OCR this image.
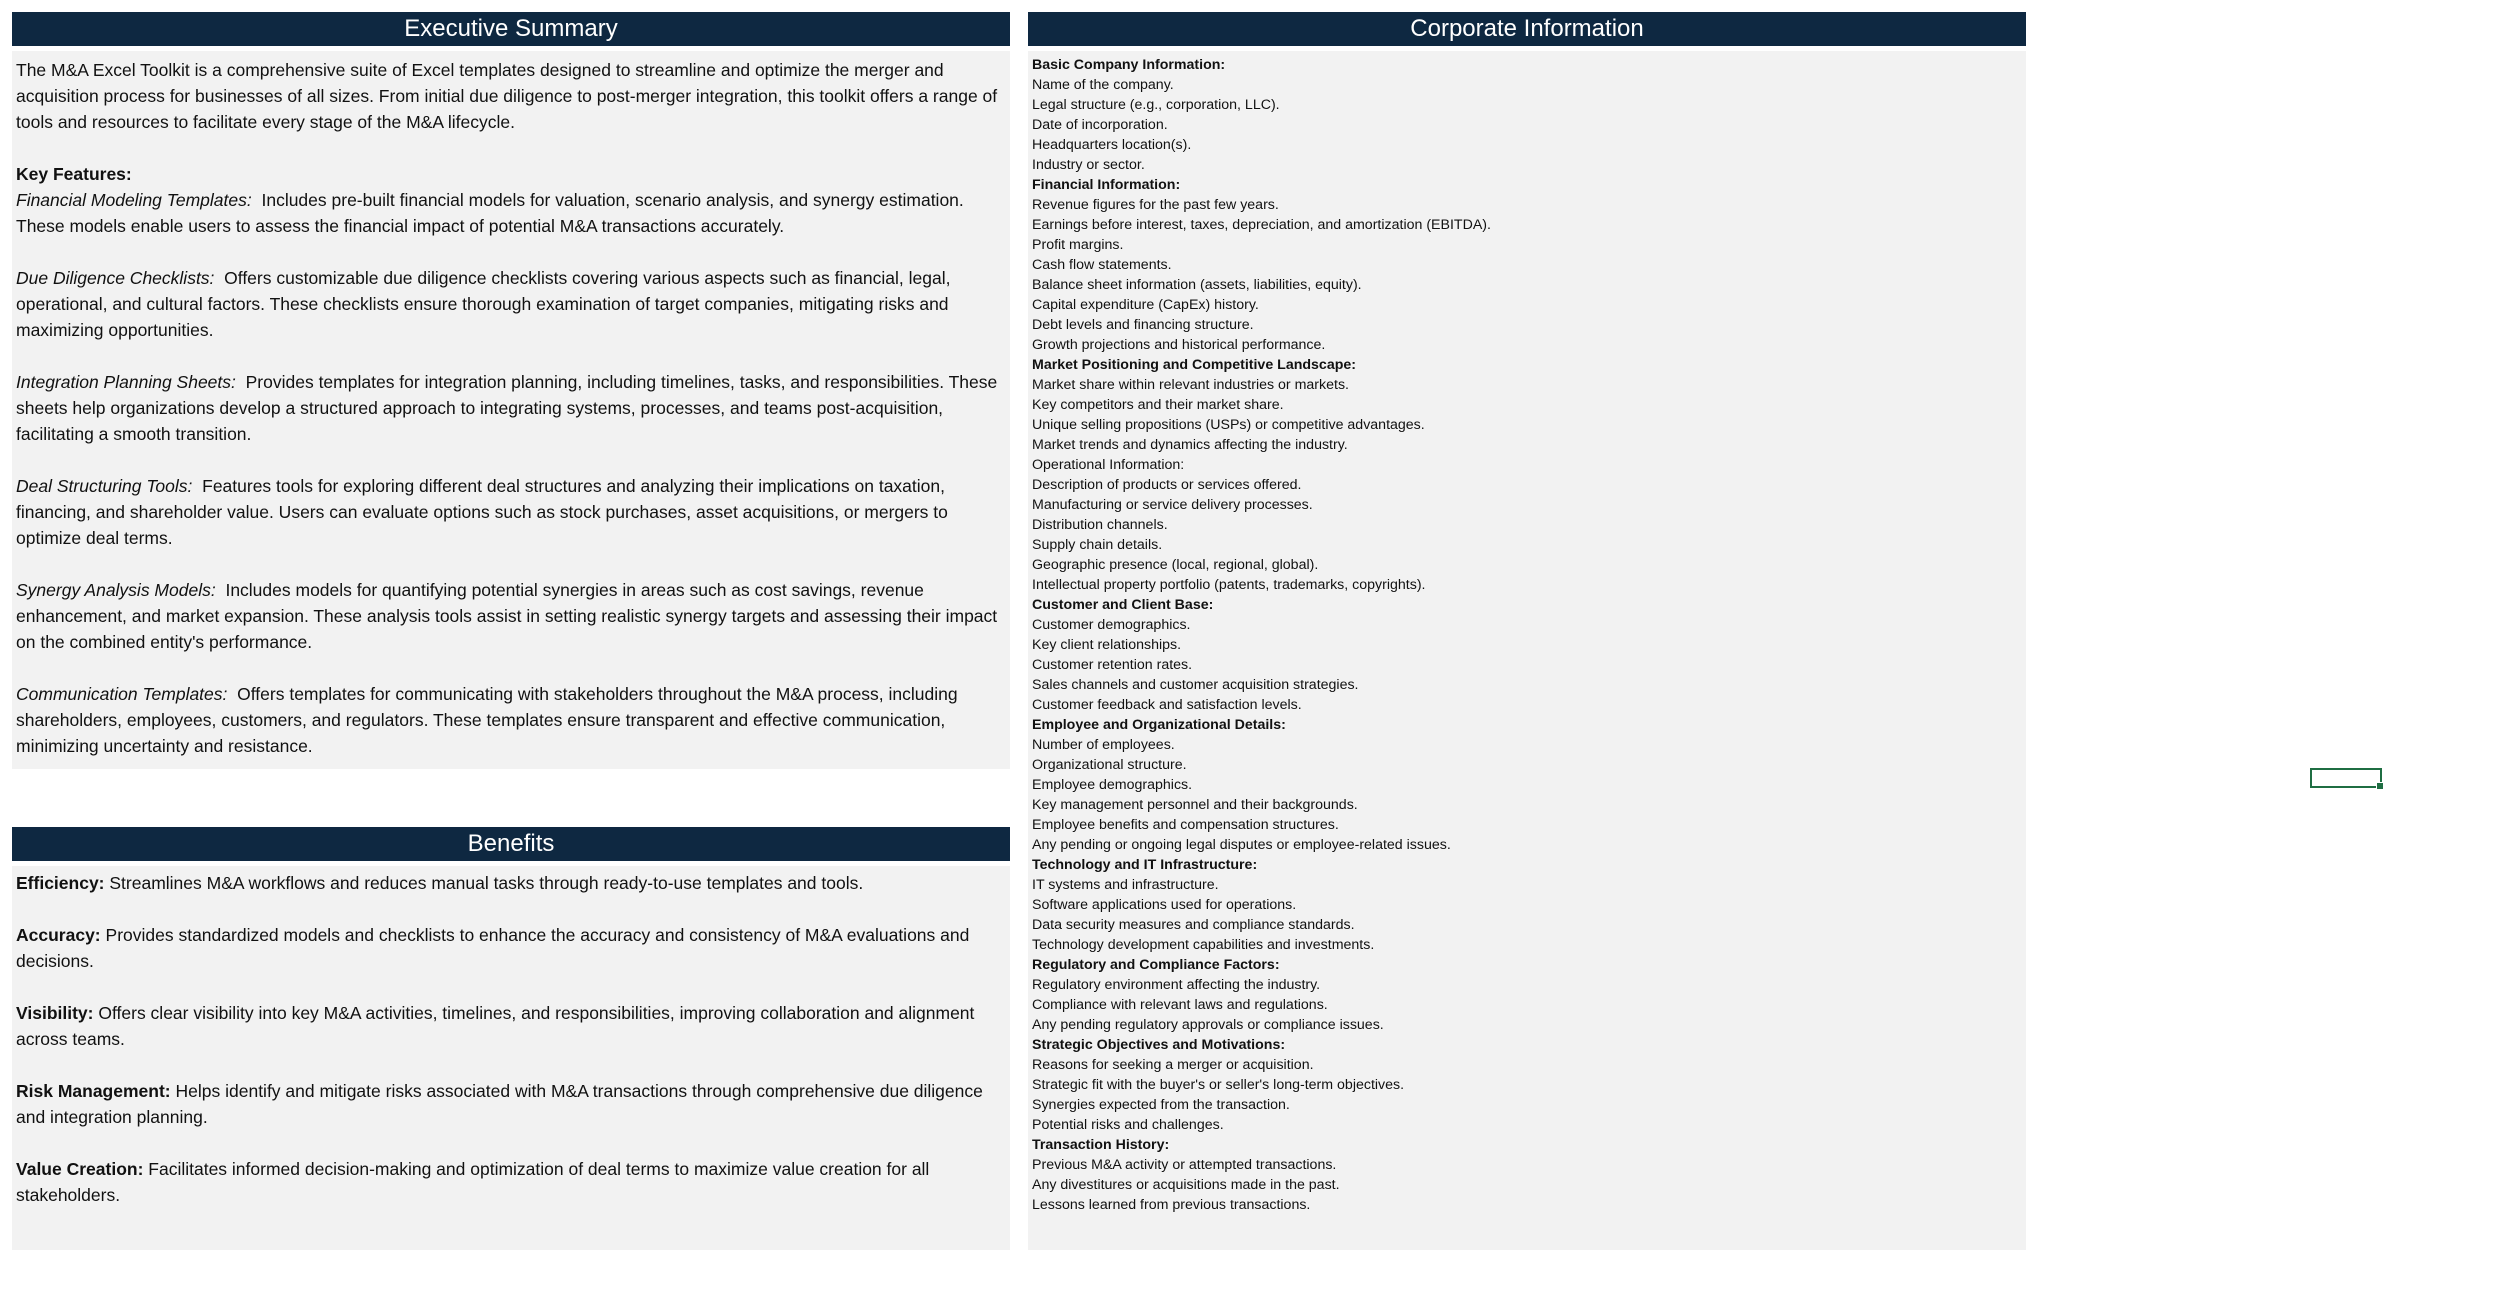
Executive Summary

The M&A Excel Toolkit is a comprehensive suite of Excel templates designed to streamline and optimize the merger and acquisition process for businesses of all sizes. From initial due diligence to post-merger integration, this toolkit offers a range of tools and resources to facilitate every stage of the M&A lifecycle.

Key Features:

Financial Modeling Templates: Includes pre-built financial models for valuation, scenario analysis, and synergy estimation. These models enable users to assess the financial impact of potential M&A transactions accurately.

Due Diligence Checklists: Offers customizable due diligence checklists covering various aspects such as financial, legal, operational, and cultural factors. These checklists ensure thorough examination of target companies, mitigating risks and maximizing opportunities.

Integration Planning Sheets: Provides templates for integration planning, including timelines, tasks, and responsibilities. These sheets help organizations develop a structured approach to integrating systems, processes, and teams post-acquisition, facilitating a smooth transition.

Deal Structuring Tools: Features tools for exploring different deal structures and analyzing their implications on taxation, financing, and shareholder value. Users can evaluate options such as stock purchases, asset acquisitions, or mergers to optimize deal terms.

Synergy Analysis Models: Includes models for quantifying potential synergies in areas such as cost savings, revenue enhancement, and market expansion. These analysis tools assist in setting realistic synergy targets and assessing their impact on the combined entity's performance.

Communication Templates: Offers templates for communicating with stakeholders throughout the M&A process, including shareholders, employees, customers, and regulators. These templates ensure transparent and effective communication, minimizing uncertainty and resistance.

Benefits

Efficiency: Streamlines M&A workflows and reduces manual tasks through ready-to-use templates and tools.

Accuracy: Provides standardized models and checklists to enhance the accuracy and consistency of M&A evaluations and decisions.

Visibility: Offers clear visibility into key M&A activities, timelines, and responsibilities, improving collaboration and alignment across teams.

Risk Management: Helps identify and mitigate risks associated with M&A transactions through comprehensive due diligence and integration planning.

Value Creation: Facilitates informed decision-making and optimization of deal terms to maximize value creation for all stakeholders.

Corporate Information
Basic Company Information:
Name of the company.
Legal structure (e.g., corporation, LLC).
Date of incorporation.
Headquarters location(s).
Industry or sector.
Financial Information:
Revenue figures for the past few years.
Earnings before interest, taxes, depreciation, and amortization (EBITDA).
Profit margins.
Cash flow statements.
Balance sheet information (assets, liabilities, equity).
Capital expenditure (CapEx) history.
Debt levels and financing structure.
Growth projections and historical performance.
Market Positioning and Competitive Landscape:
Market share within relevant industries or markets.
Key competitors and their market share.
Unique selling propositions (USPs) or competitive advantages.
Market trends and dynamics affecting the industry.
Operational Information:
Description of products or services offered.
Manufacturing or service delivery processes.
Distribution channels.
Supply chain details.
Geographic presence (local, regional, global).
Intellectual property portfolio (patents, trademarks, copyrights).
Customer and Client Base:
Customer demographics.
Key client relationships.
Customer retention rates.
Sales channels and customer acquisition strategies.
Customer feedback and satisfaction levels.
Employee and Organizational Details:
Number of employees.
Organizational structure.
Employee demographics.
Key management personnel and their backgrounds.
Employee benefits and compensation structures.
Any pending or ongoing legal disputes or employee-related issues.
Technology and IT Infrastructure:
IT systems and infrastructure.
Software applications used for operations.
Data security measures and compliance standards.
Technology development capabilities and investments.
Regulatory and Compliance Factors:
Regulatory environment affecting the industry.
Compliance with relevant laws and regulations.
Any pending regulatory approvals or compliance issues.
Strategic Objectives and Motivations:
Reasons for seeking a merger or acquisition.
Strategic fit with the buyer's or seller's long-term objectives.
Synergies expected from the transaction.
Potential risks and challenges.
Transaction History:
Previous M&A activity or attempted transactions.
Any divestitures or acquisitions made in the past.
Lessons learned from previous transactions.
